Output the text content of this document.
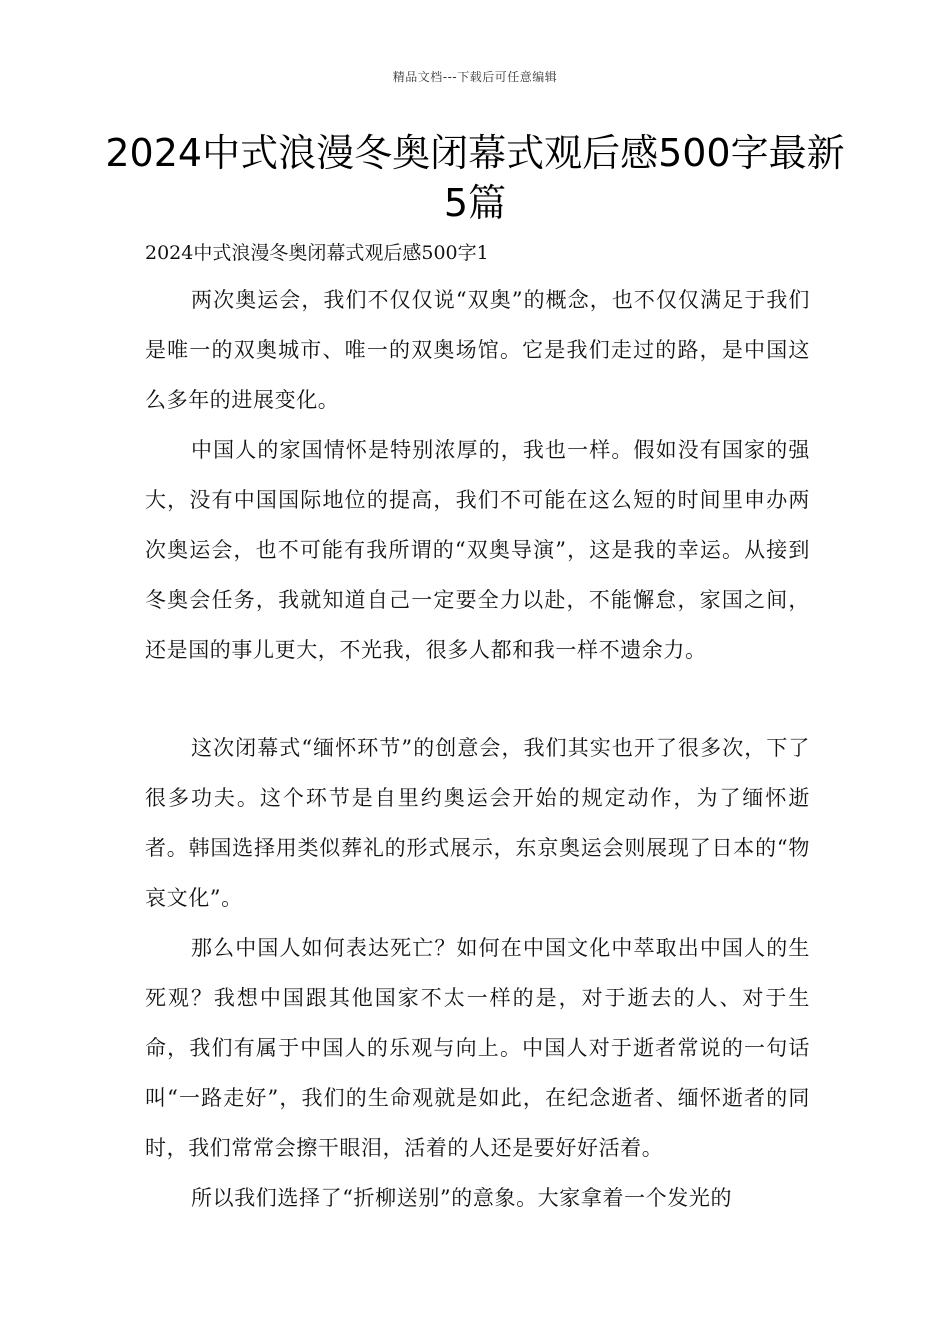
精品文档---下载后可任意编辑
2024中式浪漫冬奥闭幕式观后感500字最新5篇
2024中式浪漫冬奥闭幕式观后感500字1

两次奥运会，我们不仅仅说“双奥”的概念，也不仅仅满足于我们是唯一的双奥城市、唯一的双奥场馆。它是我们走过的路，是中国这么多年的进展变化。

中国人的家国情怀是特别浓厚的，我也一样。假如没有国家的强大，没有中国国际地位的提高，我们不可能在这么短的时间里申办两次奥运会，也不可能有我所谓的“双奥导演”，这是我的幸运。从接到冬奥会任务，我就知道自己一定要全力以赴，不能懈怠，家国之间，还是国的事儿更大，不光我，很多人都和我一样不遗余力。

这次闭幕式“缅怀环节”的创意会，我们其实也开了很多次，下了很多功夫。这个环节是自里约奥运会开始的规定动作，为了缅怀逝者。韩国选择用类似葬礼的形式展示，东京奥运会则展现了日本的“物哀文化”。

那么中国人如何表达死亡？如何在中国文化中萃取出中国人的生死观？我想中国跟其他国家不太一样的是，对于逝去的人、对于生命，我们有属于中国人的乐观与向上。中国人对于逝者常说的一句话叫“一路走好”，我们的生命观就是如此，在纪念逝者、缅怀逝者的同时，我们常常会擦干眼泪，活着的人还是要好好活着。

所以我们选择了“折柳送别”的意象。大家拿着一个发光的
